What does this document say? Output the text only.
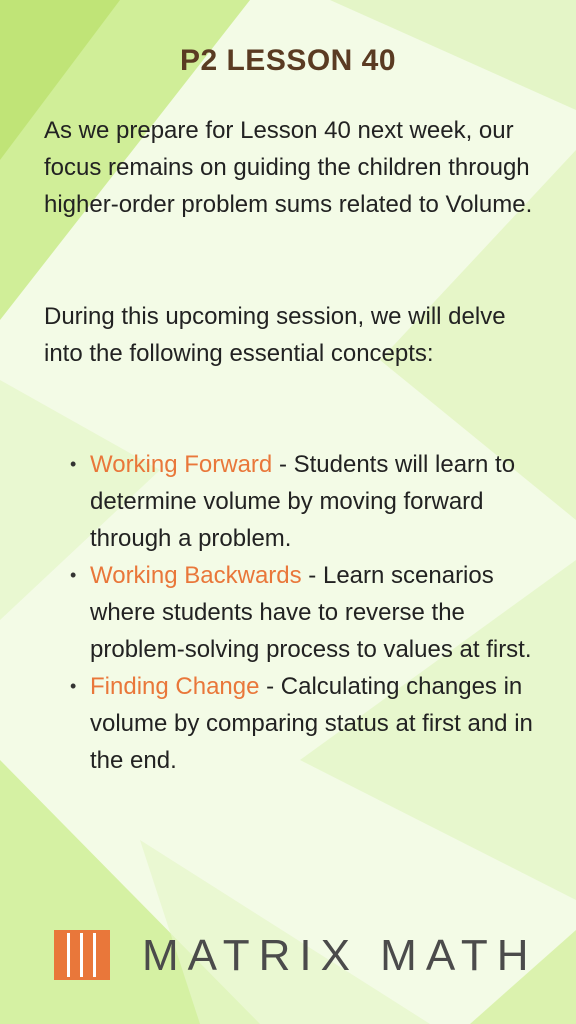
P2 LESSON 40

As we prepare for Lesson 40 next week, our focus remains on guiding the children through higher-order problem sums related to Volume.

During this upcoming session, we will delve into the following essential concepts:

• Working Forward - Students will learn to determine volume by moving forward through a problem.
• Working Backwards - Learn scenarios where students have to reverse the problem-solving process to values at first.
• Finding Change - Calculating changes in volume by comparing status at first and in the end.
MATRIX MATH
